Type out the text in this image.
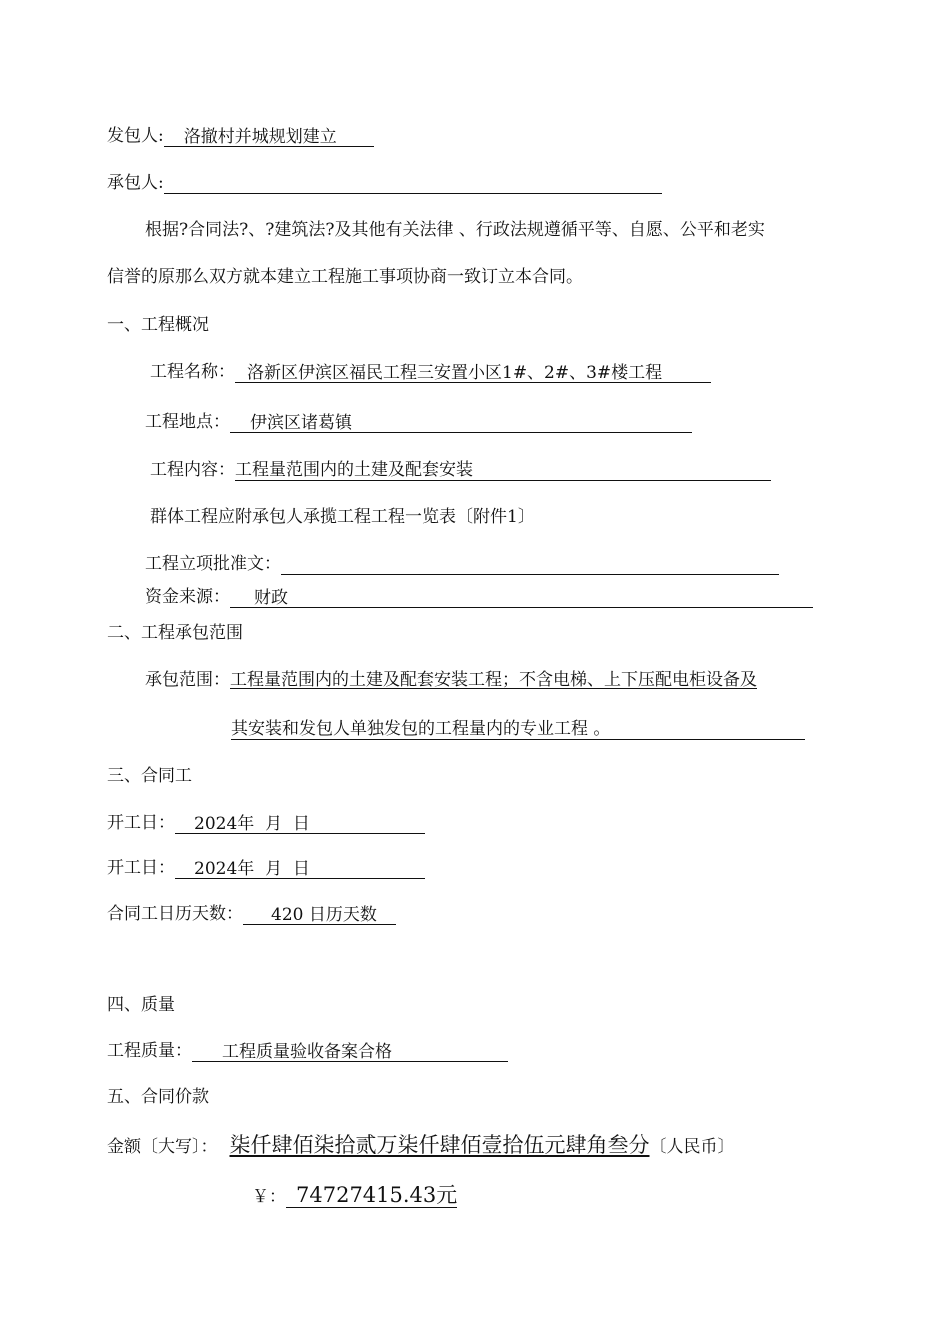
发包人: 洛撤村并城规划建立
承包人:
根据?合同法?、?建筑法?及其他有关法律 、行政法规遵循平等、自愿、公平和老实
信誉的原那么双方就本建立工程施工事项协商一致订立本合同。
一、工程概况
工程名称： 洛新区伊滨区福民工程三安置小区1#、2#、3#楼工程
工程地点： 伊滨区诸葛镇
工程内容：工程量范围内的土建及配套安装
群体工程应附承包人承揽工程工程一览表〔附件1〕
工程立项批准文：
资金来源： 财政
二、工程承包范围
承包范围：工程量范围内的土建及配套安装工程；不含电梯、上下压配电柜设备及
其安装和发包人单独发包的工程量内的专业工程 。
三、合同工
开工日： 2024年  月  日
开工日： 2024年  月  日
合同工日历天数： 420 日历天数
四、质量
工程质量： 工程质量验收备案合格
五、合同价款
金额〔大写〕： 柒仟肆佰柒拾贰万柒仟肆佰壹拾伍元肆角叁分〔人民币〕
￥： 74727415.43元
